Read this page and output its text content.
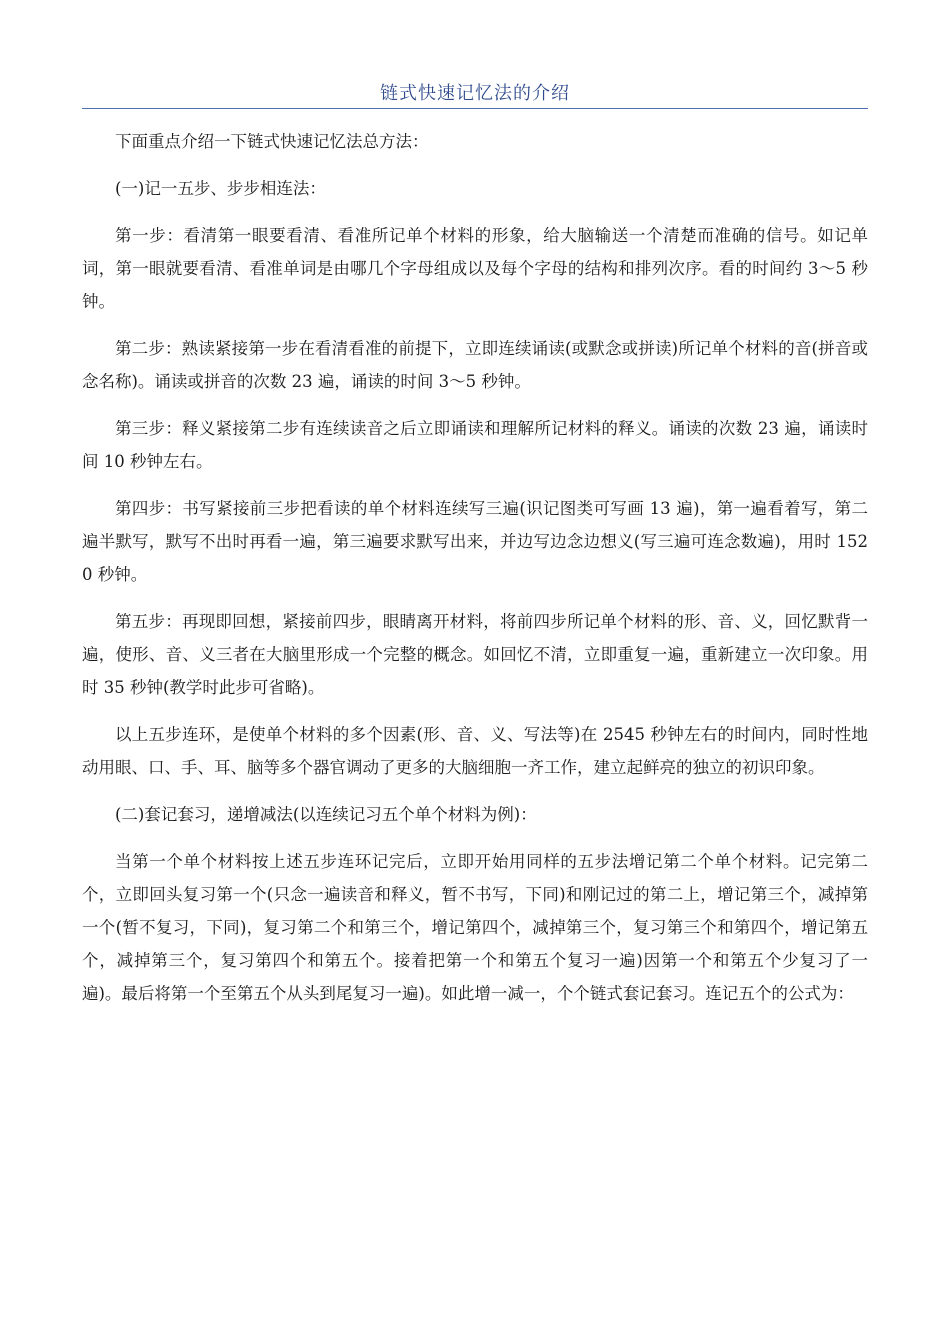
链式快速记忆法的介绍

下面重点介绍一下链式快速记忆法总方法：

(一)记一五步、步步相连法：

第一步：看清第一眼要看清、看准所记单个材料的形象，给大脑输送一个清楚而准确的信号。如记单词，第一眼就要看清、看准单词是由哪几个字母组成以及每个字母的结构和排列次序。看的时间约 3～5 秒钟。

第二步：熟读紧接第一步在看清看准的前提下，立即连续诵读(或默念或拼读)所记单个材料的音(拼音或念名称)。诵读或拼音的次数 23 遍，诵读的时间 3～5 秒钟。

第三步：释义紧接第二步有连续读音之后立即诵读和理解所记材料的释义。诵读的次数 23 遍，诵读时间 10 秒钟左右。

第四步：书写紧接前三步把看读的单个材料连续写三遍(识记图类可写画 13 遍)，第一遍看着写，第二遍半默写，默写不出时再看一遍，第三遍要求默写出来，并边写边念边想义(写三遍可连念数遍)，用时 1520 秒钟。

第五步：再现即回想，紧接前四步，眼睛离开材料，将前四步所记单个材料的形、音、义，回忆默背一遍，使形、音、义三者在大脑里形成一个完整的概念。如回忆不清，立即重复一遍，重新建立一次印象。用时 35 秒钟(教学时此步可省略)。

以上五步连环，是使单个材料的多个因素(形、音、义、写法等)在 2545 秒钟左右的时间内，同时性地动用眼、口、手、耳、脑等多个器官调动了更多的大脑细胞一齐工作，建立起鲜亮的独立的初识印象。

(二)套记套习，递增减法(以连续记习五个单个材料为例)：

当第一个单个材料按上述五步连环记完后，立即开始用同样的五步法增记第二个单个材料。记完第二个，立即回头复习第一个(只念一遍读音和释义，暂不书写，下同)和刚记过的第二上，增记第三个，减掉第一个(暂不复习，下同)，复习第二个和第三个，增记第四个，减掉第三个，复习第三个和第四个，增记第五个，减掉第三个，复习第四个和第五个。接着把第一个和第五个复习一遍)因第一个和第五个少复习了一遍)。最后将第一个至第五个从头到尾复习一遍)。如此增一减一，个个链式套记套习。连记五个的公式为：
